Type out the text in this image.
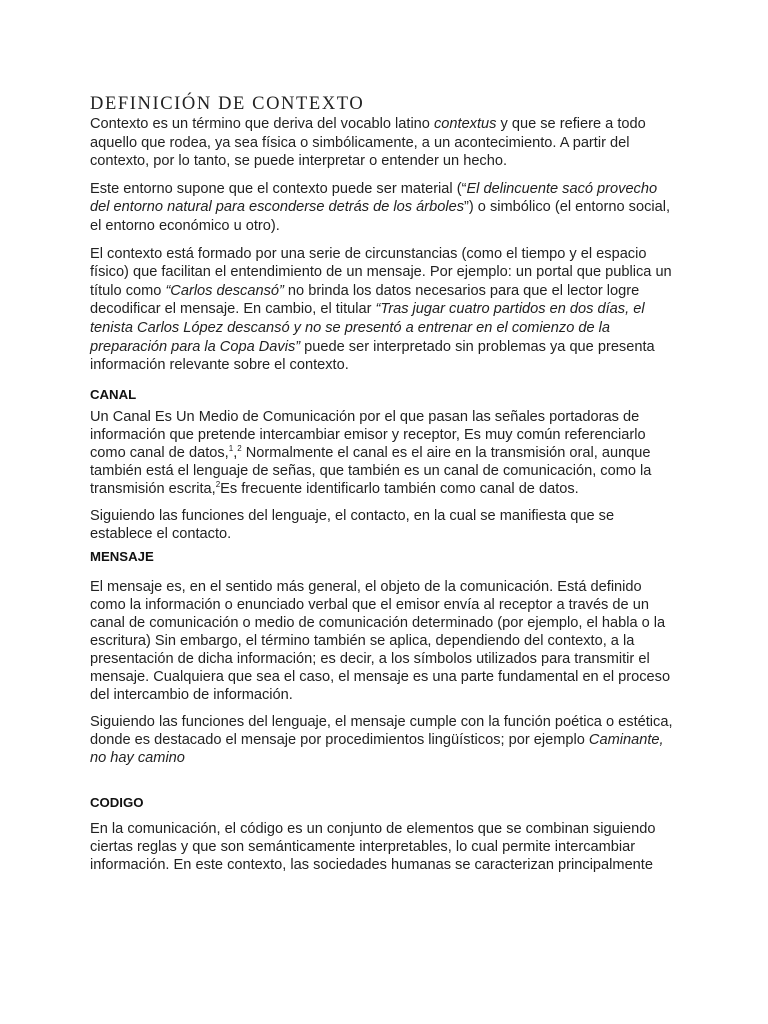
DEFINICIÓN DE CONTEXTO

Contexto es un término que deriva del vocablo latino contextus y que se refiere a todo aquello que rodea, ya sea física o simbólicamente, a un acontecimiento. A partir del contexto, por lo tanto, se puede interpretar o entender un hecho.

Este entorno supone que el contexto puede ser material (“El delincuente sacó provecho del entorno natural para esconderse detrás de los árboles”) o simbólico (el entorno social, el entorno económico u otro).

El contexto está formado por una serie de circunstancias (como el tiempo y el espacio físico) que facilitan el entendimiento de un mensaje. Por ejemplo: un portal que publica un título como “Carlos descansó” no brinda los datos necesarios para que el lector logre decodificar el mensaje. En cambio, el titular “Tras jugar cuatro partidos en dos días, el tenista Carlos López descansó y no se presentó a entrenar en el comienzo de la preparación para la Copa Davis” puede ser interpretado sin problemas ya que presenta información relevante sobre el contexto.

CANAL

Un Canal Es Un Medio de Comunicación por el que pasan las señales portadoras de información que pretende intercambiar emisor y receptor, Es muy común referenciarlo como canal de datos,$^1$,$^2$ Normalmente el canal es el aire en la transmisión oral, aunque también está el lenguaje de señas, que también es un canal de comunicación, como la transmisión escrita,$^2$Es frecuente identificarlo también como canal de datos.

Siguiendo las funciones del lenguaje, el contacto, en la cual se manifiesta que se establece el contacto.

MENSAJE

El mensaje es, en el sentido más general, el objeto de la comunicación. Está definido como la información o enunciado verbal que el emisor envía al receptor a través de un canal de comunicación o medio de comunicación determinado (por ejemplo, el habla o la escritura) Sin embargo, el término también se aplica, dependiendo del contexto, a la presentación de dicha información; es decir, a los símbolos utilizados para transmitir el mensaje. Cualquiera que sea el caso, el mensaje es una parte fundamental en el proceso del intercambio de información.

Siguiendo las funciones del lenguaje, el mensaje cumple con la función poética o estética, donde es destacado el mensaje por procedimientos lingüísticos; por ejemplo Caminante, no hay camino

CODIGO

En la comunicación, el código es un conjunto de elementos que se combinan siguiendo ciertas reglas y que son semánticamente interpretables, lo cual permite intercambiar información. En este contexto, las sociedades humanas se caracterizan principalmente
